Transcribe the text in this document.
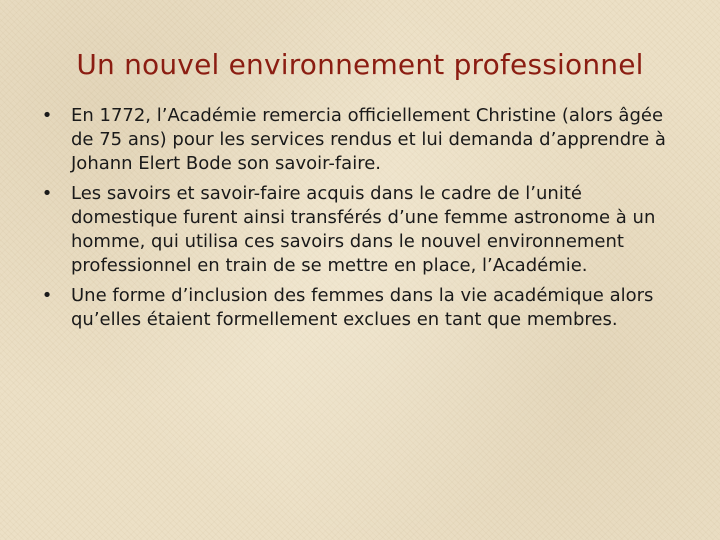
Un nouvel environnement professionnel
• En 1772, l’Académie remercia officiellement Christine (alors âgée de 75 ans) pour les services rendus et lui demanda d’apprendre à Johann Elert Bode son savoir-faire.
• Les savoirs et savoir-faire acquis dans le cadre de l’unité domestique furent ainsi transférés d’une femme astronome à un homme, qui utilisa ces savoirs dans le nouvel environnement professionnel en train de se mettre en place, l’Académie.
• Une forme d’inclusion des femmes dans la vie académique alors qu’elles étaient formellement exclues en tant que membres.
